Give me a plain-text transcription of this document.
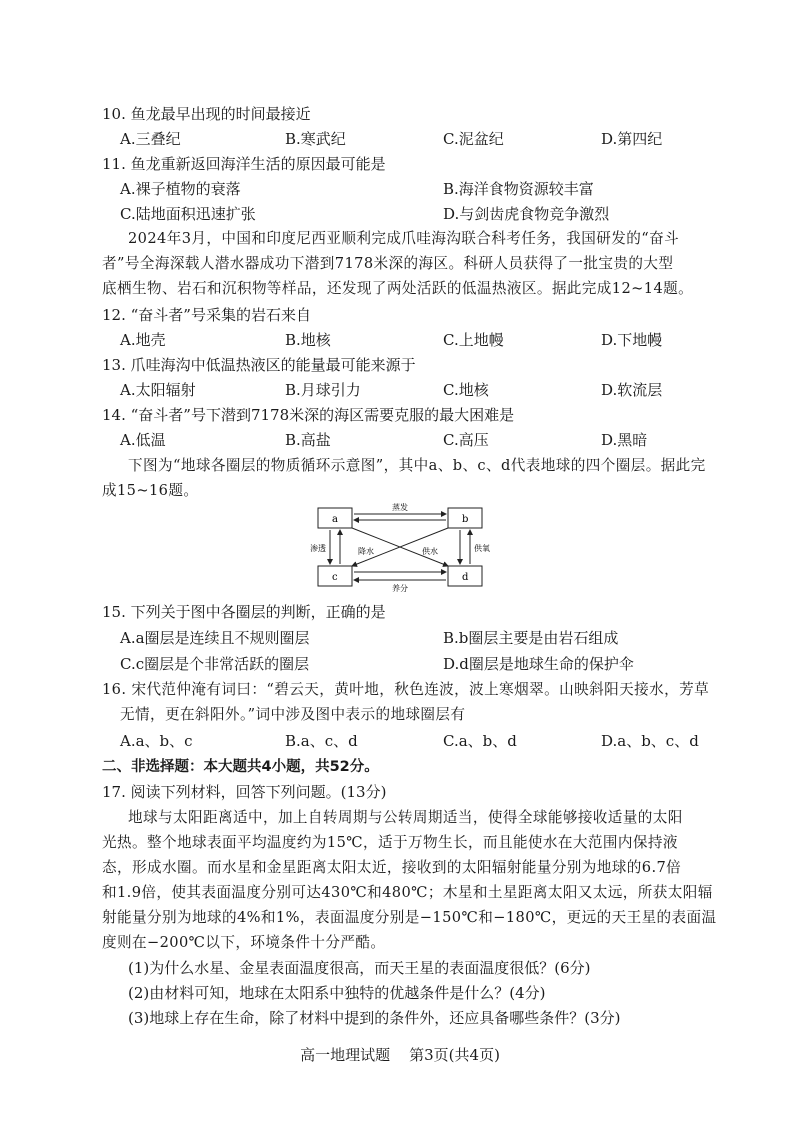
10. 鱼龙最早出现的时间最接近
A.三叠纪	B.寒武纪	C.泥盆纪	D.第四纪
11. 鱼龙重新返回海洋生活的原因最可能是
A.裸子植物的衰落	B.海洋食物资源较丰富
C.陆地面积迅速扩张	D.与剑齿虎食物竞争激烈
2024年3月，中国和印度尼西亚顺利完成爪哇海沟联合科考任务，我国研发的“奋斗
者”号全海深载人潜水器成功下潜到7178米深的海区。科研人员获得了一批宝贵的大型
底栖生物、岩石和沉积物等样品，还发现了两处活跃的低温热液区。据此完成12~14题。
12. “奋斗者”号采集的岩石来自
A.地壳	B.地核	C.上地幔	D.下地幔
13. 爪哇海沟中低温热液区的能量最可能来源于
A.太阳辐射	B.月球引力	C.地核	D.软流层
14. “奋斗者”号下潜到7178米深的海区需要克服的最大困难是
A.低温	B.高盐	C.高压	D.黑暗
下图为“地球各圈层的物质循环示意图”，其中a、b、c、d代表地球的四个圈层。据此完
成15~16题。
a	b
c	d
蒸发
养分
渗透	供氧
降水	供水
15. 下列关于图中各圈层的判断，正确的是
A.a圈层是连续且不规则圈层	B.b圈层主要是由岩石组成
C.c圈层是个非常活跃的圈层	D.d圈层是地球生命的保护伞
16. 宋代范仲淹有词曰：“碧云天，黄叶地，秋色连波，波上寒烟翠。山映斜阳天接水，芳草
无情，更在斜阳外。”词中涉及图中表示的地球圈层有
A.a、b、c	B.a、c、d	C.a、b、d	D.a、b、c、d
二、非选择题：本大题共4小题，共52分。
17. 阅读下列材料，回答下列问题。(13分)
地球与太阳距离适中，加上自转周期与公转周期适当，使得全球能够接收适量的太阳
光热。整个地球表面平均温度约为15℃，适于万物生长，而且能使水在大范围内保持液
态，形成水圈。而水星和金星距离太阳太近，接收到的太阳辐射能量分别为地球的6.7倍
和1.9倍，使其表面温度分别可达430℃和480℃；木星和土星距离太阳又太远，所获太阳辐
射能量分别为地球的4%和1%，表面温度分别是−150℃和−180℃，更远的天王星的表面温
度则在−200℃以下，环境条件十分严酷。
(1)为什么水星、金星表面温度很高，而天王星的表面温度很低？(6分)
(2)由材料可知，地球在太阳系中独特的优越条件是什么？(4分)
(3)地球上存在生命，除了材料中提到的条件外，还应具备哪些条件？(3分)
高一地理试题    第3页(共4页)
